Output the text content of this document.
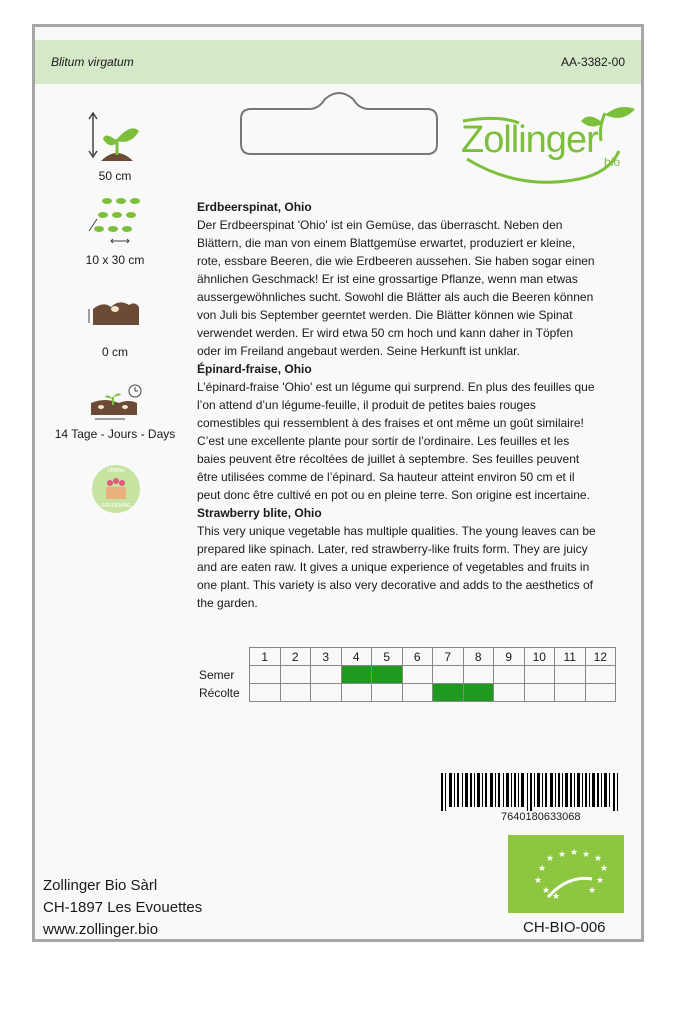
Blitum virgatum	AA-3382-00
Zollinger
bio
50 cm
10 x 30 cm
0 cm
14 Tage - Jours - Days
URBAN
GARDENING

Erdbeerspinat, Ohio

Der Erdbeerspinat 'Ohio' ist ein Gemüse, das überrascht. Neben den Blättern, die man von einem Blattgemüse erwartet, produziert er kleine, rote, essbare Beeren, die wie Erdbeeren aussehen. Sie haben sogar einen ähnlichen Geschmack! Er ist eine grossartige Pflanze, wenn man etwas aussergewöhnliches sucht. Sowohl die Blätter als auch die Beeren können von Juli bis September geerntet werden. Die Blätter können wie Spinat verwendet werden. Er wird etwa 50 cm hoch und kann daher in Töpfen oder im Freiland angebaut werden. Seine Herkunft ist unklar.

Épinard-fraise, Ohio

L’épinard-fraise 'Ohio' est un légume qui surprend. En plus des feuilles que l’on attend d’un légume-feuille, il produit de petites baies rouges comestibles qui ressemblent à des fraises et ont même un goût similaire! C’est une excellente plante pour sortir de l’ordinaire. Les feuilles et les baies peuvent être récoltées de juillet à septembre. Ses feuilles peuvent être utilisées comme de l’épinard. Sa hauteur atteint environ 50 cm et il peut donc être cultivé en pot ou en pleine terre. Son origine est incertaine.

Strawberry blite, Ohio

This very unique vegetable has multiple qualities. The young leaves can be prepared like spinach. Later, red strawberry-like fruits form. They are juicy and are eaten raw. It gives a unique experience of vegetables and fruits in one plant. This variety is also very decorative and adds to the aesthetics of the garden.

	1	2	3	4	5	6	7	8	9	10	11	12
Semer												
Récolte												
7640180633068
Zollinger Bio Sàrl
CH-1897 Les Evouettes
www.zollinger.bio
★ ★ ★ ★ ★
★
★
★	★
★
★
★
CH-BIO-006
